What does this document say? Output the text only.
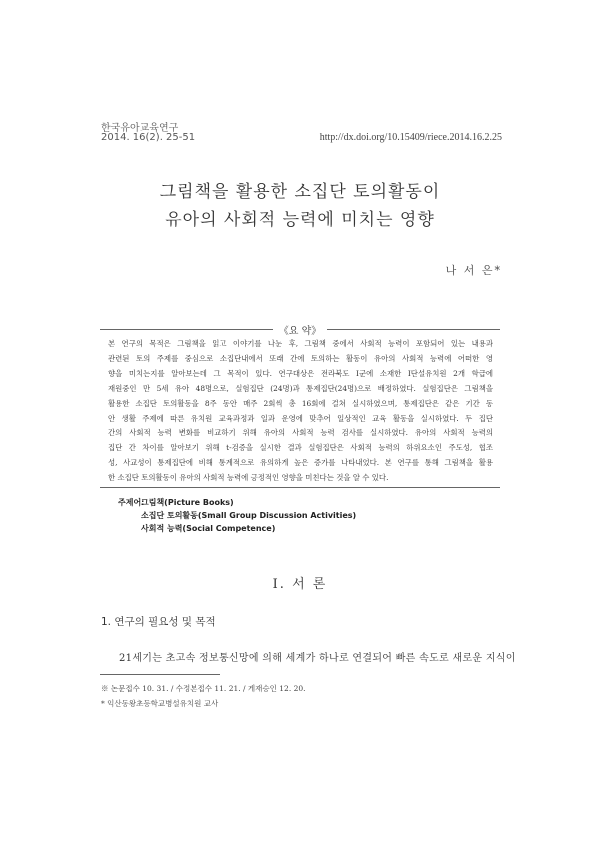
한국유아교육연구
2014. 16(2). 25-51	http://dx.doi.org/10.15409/riece.2014.16.2.25
그림책을 활용한 소집단 토의활동이
유아의 사회적 능력에 미치는 영향
나 서 은*
《요 약》
본 연구의 목적은 그림책을 읽고 이야기를 나눈 후, 그림책 중에서 사회적 능력이 포함되어 있는 내용과
관련된 토의 주제를 중심으로 소집단내에서 또래 간에 토의하는 활동이 유아의 사회적 능력에 어떠한 영
향을 미치는지를 알아보는데 그 목적이 있다. 연구대상은 전라북도 I군에 소재한 I단설유치원 2개 학급에
재원중인 만 5세 유아 48명으로, 실험집단 (24명)과 통제집단(24명)으로 배정하였다. 실험집단은 그림책을
활용한 소집단 토의활동을 8주 동안 매주 2회씩 총 16회에 걸쳐 실시하였으며, 통제집단은 같은 기간 동
안 생활 주제에 따른 유치원 교육과정과 일과 운영에 맞추어 일상적인 교육 활동을 실시하였다. 두 집단
간의 사회적 능력 변화를 비교하기 위해 유아의 사회적 능력 검사를 실시하였다. 유아의 사회적 능력의
집단 간 차이를 알아보기 위해 t-검증을 실시한 결과 실험집단은 사회적 능력의 하위요소인 주도성, 협조
성, 사교성이 통제집단에 비해 통계적으로 유의하게 높은 증가를 나타내었다. 본 연구를 통해 그림책을 활용
한 소집단 토의활동이 유아의 사회적 능력에 긍정적인 영향을 미친다는 것을 알 수 있다.
주제어:
그림책(Picture Books)
소집단 토의활동(Small Group Discussion Activities)
사회적 능력(Social Competence)
Ⅰ. 서 론
1. 연구의 필요성 및 목적
21세기는 초고속 정보통신망에 의해 세계가 하나로 연결되어 빠른 속도로 새로운 지식이
※ 논문접수 10. 31. / 수정본접수 11. 21. / 게재승인 12. 20.
* 익산동왕초등학교병설유치원 교사
